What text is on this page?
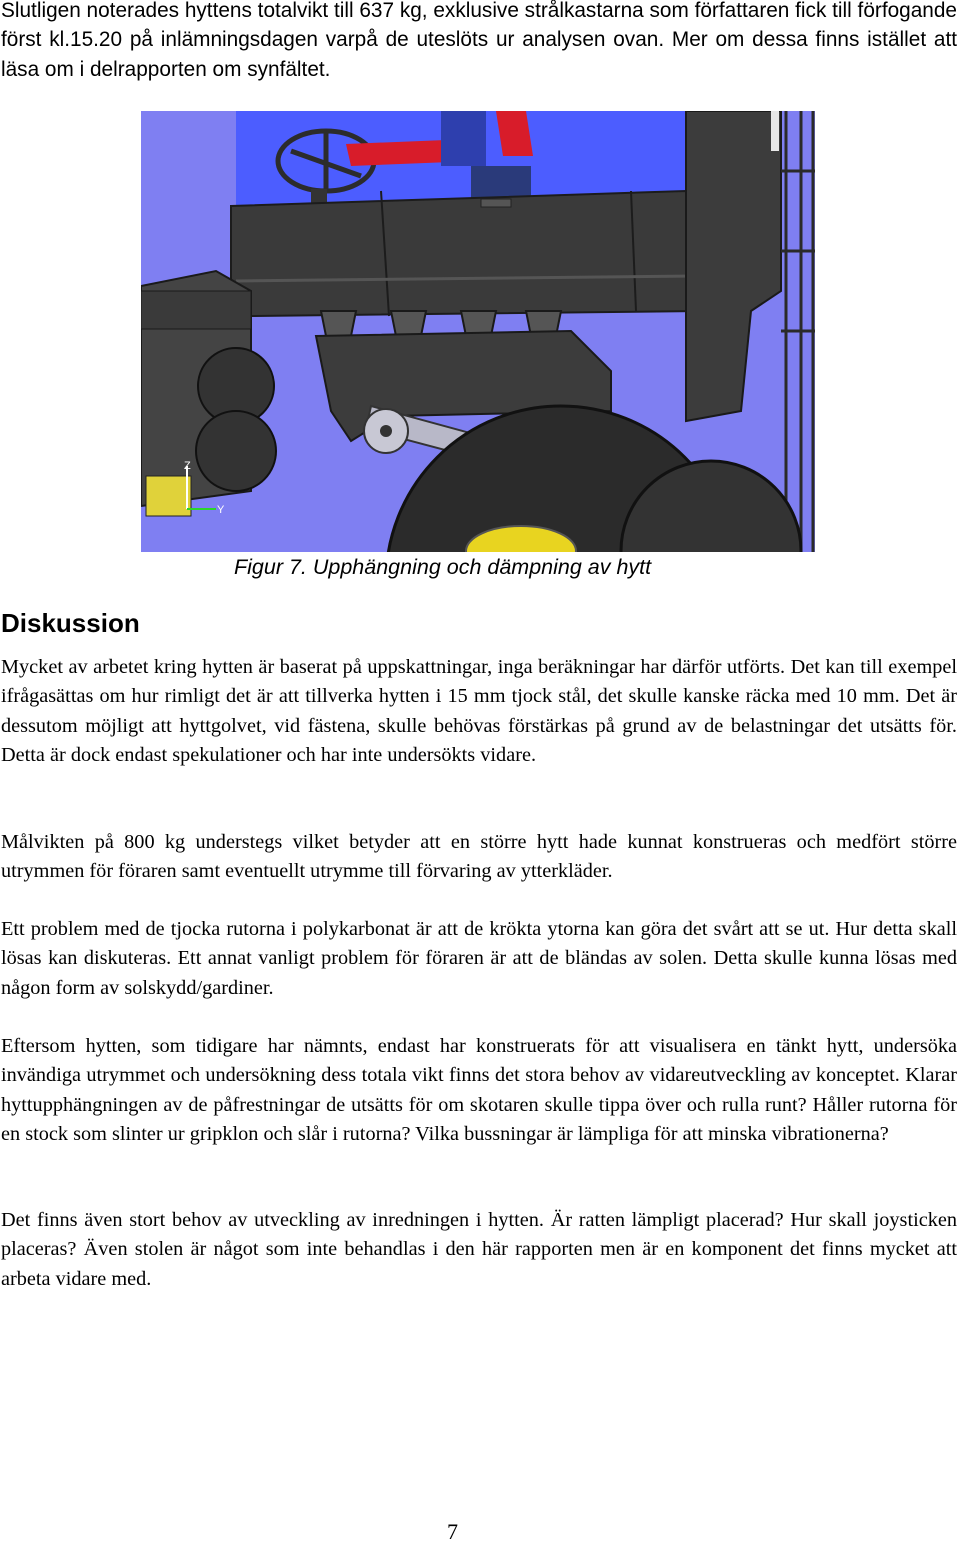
Slutligen noterades hyttens totalvikt till 637 kg, exklusive strålkastarna som författaren fick till förfogande först kl.15.20 på inlämningsdagen varpå de uteslöts ur analysen ovan. Mer om dessa finns istället att läsa om i delrapporten om synfältet.

Z
Y

Figur 7. Upphängning och dämpning av hytt

Diskussion

Mycket av arbetet kring hytten är baserat på uppskattningar, inga beräkningar har därför utförts. Det kan till exempel ifrågasättas om hur rimligt det är att tillverka hytten i 15 mm tjock stål, det skulle kanske räcka med 10 mm. Det är dessutom möjligt att hyttgolvet, vid fästena, skulle behövas förstärkas på grund av de belastningar det utsätts för. Detta är dock endast spekulationer och har inte undersökts vidare.

Målvikten på 800 kg understegs vilket betyder att en större hytt hade kunnat konstrueras och medfört större utrymmen för föraren samt eventuellt utrymme till förvaring av ytterkläder.

Ett problem med de tjocka rutorna i polykarbonat är att de krökta ytorna kan göra det svårt att se ut. Hur detta skall lösas kan diskuteras. Ett annat vanligt problem för föraren är att de bländas av solen. Detta skulle kunna lösas med någon form av solskydd/gardiner.

Eftersom hytten, som tidigare har nämnts, endast har konstruerats för att visualisera en tänkt hytt, undersöka invändiga utrymmet och undersökning dess totala vikt finns det stora behov av vidareutveckling av konceptet. Klarar hyttupphängningen av de påfrestningar de utsätts för om skotaren skulle tippa över och rulla runt? Håller rutorna för en stock som slinter ur gripklon och slår i rutorna? Vilka bussningar är lämpliga för att minska vibrationerna?

Det finns även stort behov av utveckling av inredningen i hytten. Är ratten lämpligt placerad? Hur skall joysticken placeras? Även stolen är något som inte behandlas i den här rapporten men är en komponent det finns mycket att arbeta vidare med.

7
